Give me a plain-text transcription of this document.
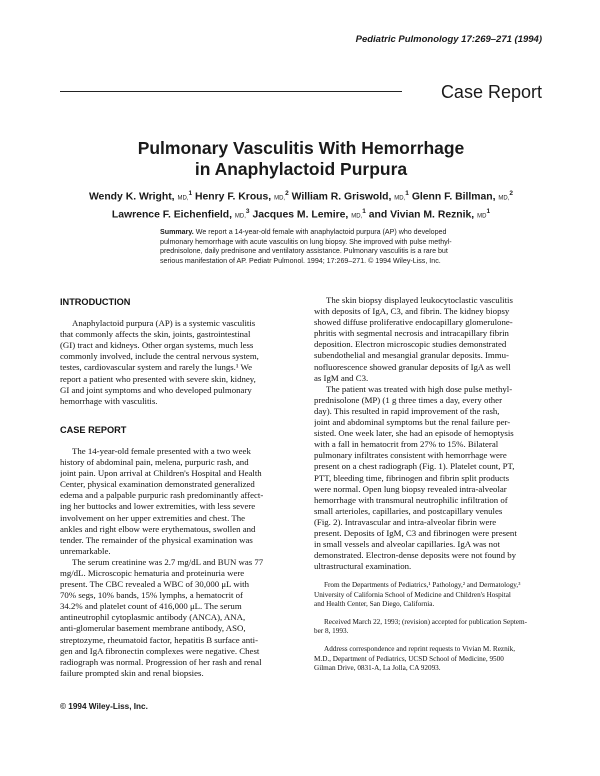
Pediatric Pulmonology 17:269–271 (1994)
Case Report
Pulmonary Vasculitis With Hemorrhage
in Anaphylactoid Purpura
Wendy K. Wright, MD,$^1$ Henry F. Krous, MD,$^2$ William R. Griswold, MD,$^1$ Glenn F. Billman, MD,$^2$
Lawrence F. Eichenfield, MD,$^3$ Jacques M. Lemire, MD,$^1$ and Vivian M. Reznik, $MD^1$
Summary. We report a 14-year-old female with anaphylactoid purpura (AP) who developed
pulmonary hemorrhage with acute vasculitis on lung biopsy. She improved with pulse methyl-
prednisolone, daily prednisone and ventilatory assistance. Pulmonary vasculitis is a rare but
serious manifestation of AP. Pediatr Pulmonol. 1994; 17:269–271. © 1994 Wiley-Liss, Inc.
INTRODUCTION
Anaphylactoid purpura (AP) is a systemic vasculitis
that commonly affects the skin, joints, gastrointestinal
(GI) tract and kidneys. Other organ systems, much less
commonly involved, include the central nervous system,
testes, cardiovascular system and rarely the lungs.¹ We
report a patient who presented with severe skin, kidney,
GI and joint symptoms and who developed pulmonary
hemorrhage with vasculitis.
CASE REPORT
The 14-year-old female presented with a two week
history of abdominal pain, melena, purpuric rash, and
joint pain. Upon arrival at Children's Hospital and Health
Center, physical examination demonstrated generalized
edema and a palpable purpuric rash predominantly affect-
ing her buttocks and lower extremities, with less severe
involvement on her upper extremities and chest. The
ankles and right elbow were erythematous, swollen and
tender. The remainder of the physical examination was
unremarkable.
The serum creatinine was 2.7 mg/dL and BUN was 77
mg/dL. Microscopic hematuria and proteinuria were
present. The CBC revealed a WBC of 30,000 μL with
70% segs, 10% bands, 15% lymphs, a hematocrit of
34.2% and platelet count of 416,000 μL. The serum
antineutrophil cytoplasmic antibody (ANCA), ANA,
anti-glomerular basement membrane antibody, ASO,
streptozyme, rheumatoid factor, hepatitis B surface anti-
gen and IgA fibronectin complexes were negative. Chest
radiograph was normal. Progression of her rash and renal
failure prompted skin and renal biopsies.
The skin biopsy displayed leukocytoclastic vasculitis
with deposits of IgA, C3, and fibrin. The kidney biopsy
showed diffuse proliferative endocapillary glomerulone-
phritis with segmental necrosis and intracapillary fibrin
deposition. Electron microscopic studies demonstrated
subendothelial and mesangial granular deposits. Immu-
nofluorescence showed granular deposits of IgA as well
as IgM and C3.
The patient was treated with high dose pulse methyl-
prednisolone (MP) (1 g three times a day, every other
day). This resulted in rapid improvement of the rash,
joint and abdominal symptoms but the renal failure per-
sisted. One week later, she had an episode of hemoptysis
with a fall in hematocrit from 27% to 15%. Bilateral
pulmonary infiltrates consistent with hemorrhage were
present on a chest radiograph (Fig. 1). Platelet count, PT,
PTT, bleeding time, fibrinogen and fibrin split products
were normal. Open lung biopsy revealed intra-alveolar
hemorrhage with transmural neutrophilic infiltration of
small arterioles, capillaries, and postcapillary venules
(Fig. 2). Intravascular and intra-alveolar fibrin were
present. Deposits of IgM, C3 and fibrinogen were present
in small vessels and alveolar capillaries. IgA was not
demonstrated. Electron-dense deposits were not found by
ultrastructural examination.
From the Departments of Pediatrics,¹ Pathology,² and Dermatology,³
University of California School of Medicine and Children's Hospital
and Health Center, San Diego, California.
Received March 22, 1993; (revision) accepted for publication Septem-
ber 8, 1993.
Address correspondence and reprint requests to Vivian M. Reznik,
M.D., Department of Pediatrics, UCSD School of Medicine, 9500
Gilman Drive, 0831-A, La Jolla, CA 92093.
© 1994 Wiley-Liss, Inc.
